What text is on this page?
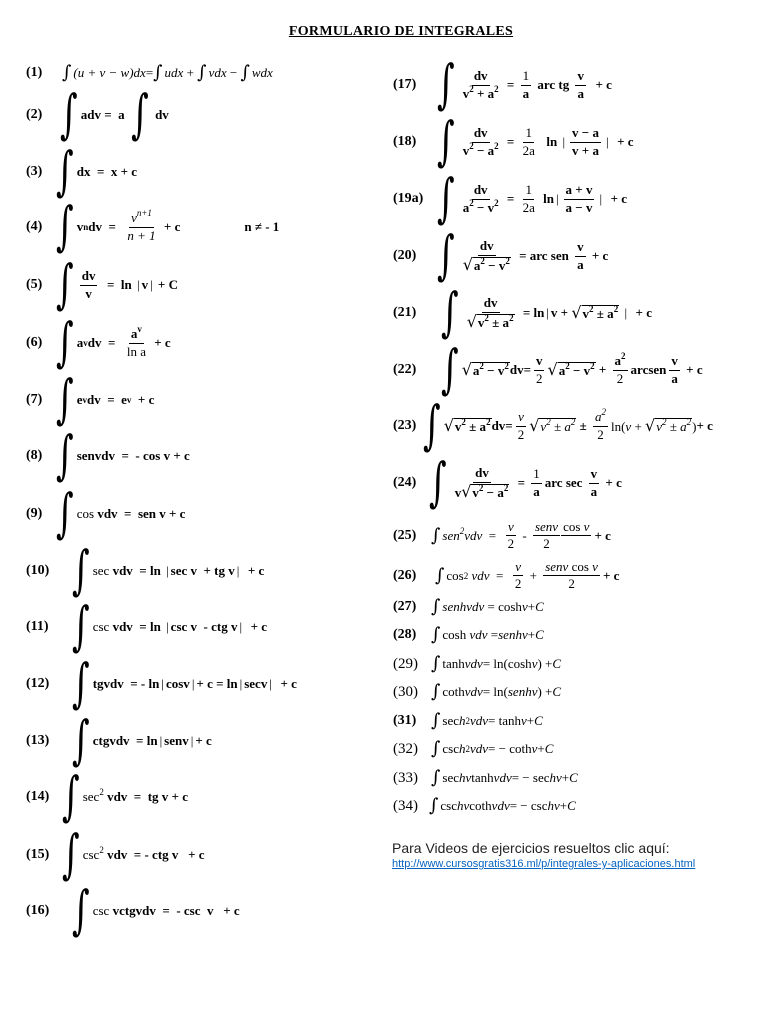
FORMULARIO DE INTEGRALES
(1)	∫ (u + v − w)dx = ∫ udx + ∫ vdx − ∫ wdx
(2) ∫ adv =  a ∫ dv
(3) ∫ dx  =  x + c
(4) ∫ v n dv  = $\frac{v^{n+1}}{n + 1} + c$	n ≠ - 1
(5) ∫ $\frac{dv}{v} = \ln$ | v | + C
(6) ∫ a v dv  = $\frac{a^v}{\text{ln a}} + c$
(7) ∫ e v dv  =  e v + c
(8) ∫ senvdv  =  - cos v + c
(9) ∫ cos vdv  =  sen v + c
(10) ∫ sec vdv  = ln | sec v  + tg v | + c
(11) ∫ csc vdv  = ln | csc v  - ctg v | + c
(12) ∫ tgvdv  = - ln | cosv | + c = ln | secv | + c
(13) ∫ ctgvdv  = ln | senv | + c
(14) ∫ $\sec^2$ vdv  =  tg v + c
(15) ∫ $\csc^2$ vdv  = - ctg v   + c
(16) ∫ csc vctgvdv  =  - csc  v   + c
(17) ∫ $\frac{dv}{v^2 + a^2} = \frac{1}{a}$ arc tg $\frac{v}{a} + c$
(18) ∫ $\frac{dv}{v^2 - a^2} = \frac{1}{2a}$ ln | $\frac{v - a}{v + a}$ | + c
(19a) ∫ $\frac{dv}{a^2 - v^2} = \frac{1}{2a}$ ln | $\frac{a + v}{a - v}$ | + c
(20) ∫ $\frac{dv}{√ a^2 - v^2}$ = arc sen $\frac{v}{a} + c$
(21) ∫ $\frac{dv}{√ v^2 \pm a^2} = \ln$ | v + √ $v^2 \pm a^2$
| + c
(22) ∫ √ $a^2 - v^2$ $dv= \frac{v}{2}$ √ $a^2 - v^2 + \frac{a^2}{2}$ arcsen $\frac{v}{a} + c$
(23) ∫ √ $v^2 \pm a^2$ $dv= \frac{v}{2}$ √ $v^2 \pm a^2 \pm \frac{a^2}{2} \ln(v$ + √ $v^2 \pm a^2$ ) + c
(24) ∫ $\frac{dv}{v √ v^2 - a^2} = \frac{1}{a}$ arc $\sec \frac{v}{a} + c$
(25) ∫ $sen^2vdv = \frac{v}{2} - \frac{\text{senv}}{2}$ cos v

+ c
(26)	∫ cos 2
vdv = $\frac{v}{2} + \frac{\text{senv cos v}}{2} + c$
(27) ∫ senhvdv = cosh v + C
(28) ∫ cosh vdv = senhv + C
(29) ∫ tanh vdv = ln(cosh v ) + C
(30) ∫ coth vdv = ln( senhv ) + C
(31) ∫ sec h 2 vdv = tanh v + C
(32) ∫ csc h 2 vdv = − coth v + C
(33) ∫ sec hv tanh vdv = − sec hv + C
(34) ∫ csc hv coth vdv = − csc hv + C
Para Videos de ejercicios resueltos clic aquí:
http://www.cursosgratis316.ml/p/integrales-y-aplicaciones.html
